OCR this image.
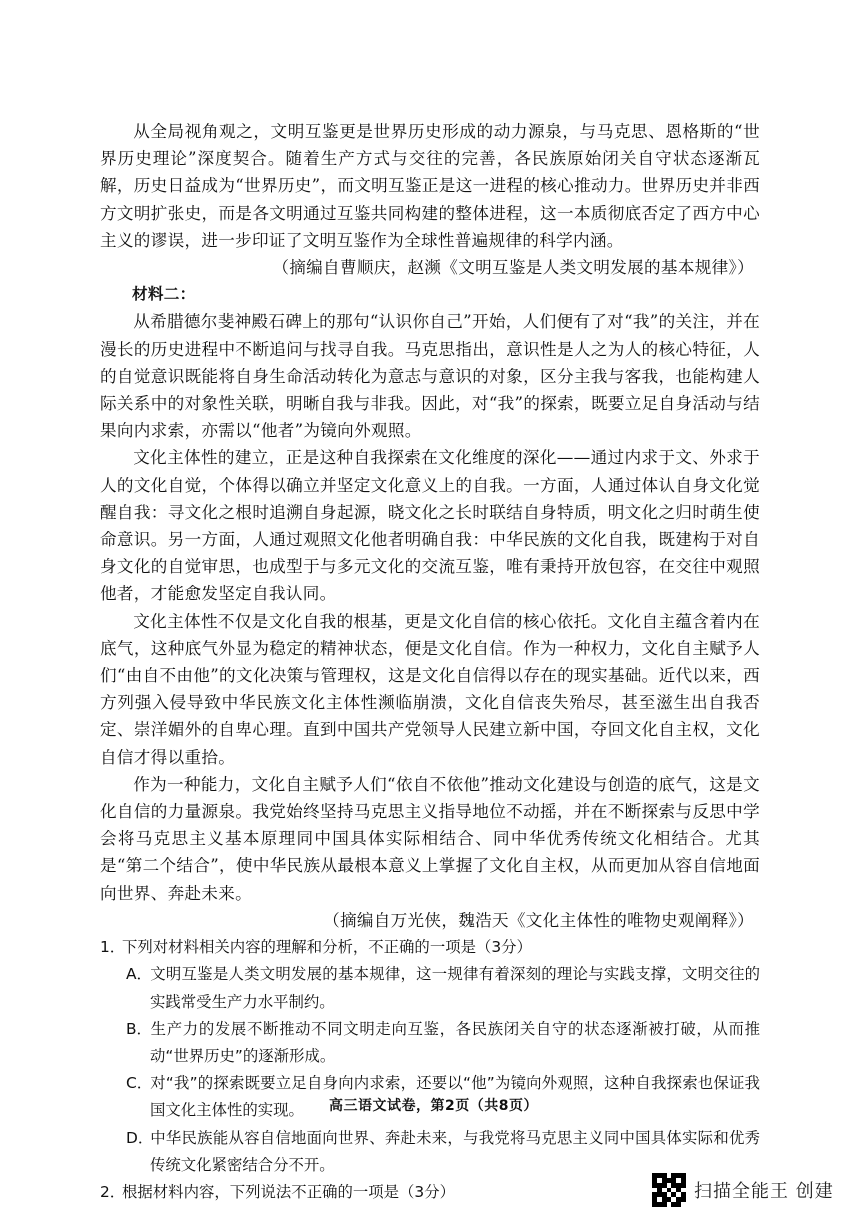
从全局视角观之，文明互鉴更是世界历史形成的动力源泉，与马克思、恩格斯的“世界历史理论”深度契合。随着生产方式与交往的完善，各民族原始闭关自守状态逐渐瓦解，历史日益成为“世界历史”，而文明互鉴正是这一进程的核心推动力。世界历史并非西方文明扩张史，而是各文明通过互鉴共同构建的整体进程，这一本质彻底否定了西方中心主义的谬误，进一步印证了文明互鉴作为全球性普遍规律的科学内涵。

（摘编自曹顺庆，赵濒《文明互鉴是人类文明发展的基本规律》）

材料二：

从希腊德尔斐神殿石碑上的那句“认识你自己”开始，人们便有了对“我”的关注，并在漫长的历史进程中不断追问与找寻自我。马克思指出，意识性是人之为人的核心特征，人的自觉意识既能将自身生命活动转化为意志与意识的对象，区分主我与客我，也能构建人际关系中的对象性关联，明晰自我与非我。因此，对“我”的探索，既要立足自身活动与结果向内求索，亦需以“他者”为镜向外观照。

文化主体性的建立，正是这种自我探索在文化维度的深化——通过内求于文、外求于人的文化自觉，个体得以确立并坚定文化意义上的自我。一方面，人通过体认自身文化觉醒自我：寻文化之根时追溯自身起源，晓文化之长时联结自身特质，明文化之归时萌生使命意识。另一方面，人通过观照文化他者明确自我：中华民族的文化自我，既建构于对自身文化的自觉审思，也成型于与多元文化的交流互鉴，唯有秉持开放包容，在交往中观照他者，才能愈发坚定自我认同。

文化主体性不仅是文化自我的根基，更是文化自信的核心依托。文化自主蕴含着内在底气，这种底气外显为稳定的精神状态，便是文化自信。作为一种权力，文化自主赋予人们“由自不由他”的文化决策与管理权，这是文化自信得以存在的现实基础。近代以来，西方列强入侵导致中华民族文化主体性濒临崩溃，文化自信丧失殆尽，甚至滋生出自我否定、崇洋媚外的自卑心理。直到中国共产党领导人民建立新中国，夺回文化自主权，文化自信才得以重拾。

作为一种能力，文化自主赋予人们“依自不依他”推动文化建设与创造的底气，这是文化自信的力量源泉。我党始终坚持马克思主义指导地位不动摇，并在不断探索与反思中学会将马克思主义基本原理同中国具体实际相结合、同中华优秀传统文化相结合。尤其是“第二个结合”，使中华民族从最根本意义上掌握了文化自主权，从而更加从容自信地面向世界、奔赴未来。

（摘编自万光侠，魏浩天《文化主体性的唯物史观阐释》）

1．下列对材料相关内容的理解和分析，不正确的一项是（3分）

A．文明互鉴是人类文明发展的基本规律，这一规律有着深刻的理论与实践支撑，文明交往的实践常受生产力水平制约。

B．生产力的发展不断推动不同文明走向互鉴，各民族闭关自守的状态逐渐被打破，从而推动“世界历史”的逐渐形成。

C．对“我”的探索既要立足自身向内求索，还要以“他”为镜向外观照，这种自我探索也保证我国文化主体性的实现。

D．中华民族能从容自信地面向世界、奔赴未来，与我党将马克思主义同中国具体实际和优秀传统文化紧密结合分不开。

2．根据材料内容，下列说法不正确的一项是（3分）

高三语文试卷，第2页（共8页）
扫描全能王 创建
